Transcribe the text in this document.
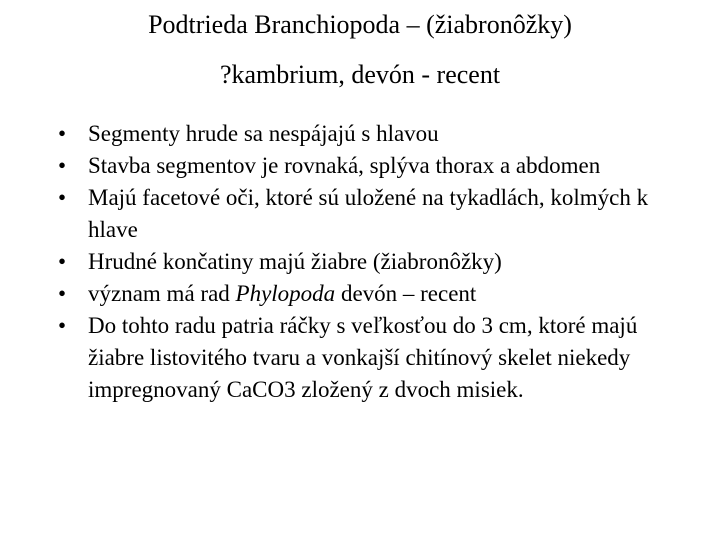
Podtrieda Branchiopoda – (žiabronôžky)
?kambrium, devón - recent
• Segmenty hrude sa nespájajú s hlavou
• Stavba segmentov je rovnaká, splýva thorax a abdomen
• Majú facetové oči, ktoré sú uložené na tykadlách, kolmých k hlave
• Hrudné končatiny majú žiabre (žiabronôžky)
• význam má rad Phylopoda devón – recent
• Do tohto radu patria ráčky s veľkosťou do 3 cm, ktoré majú žiabre listovitého tvaru a vonkajší chitínový skelet niekedy impregnovaný CaCO3 zložený z dvoch misiek.
